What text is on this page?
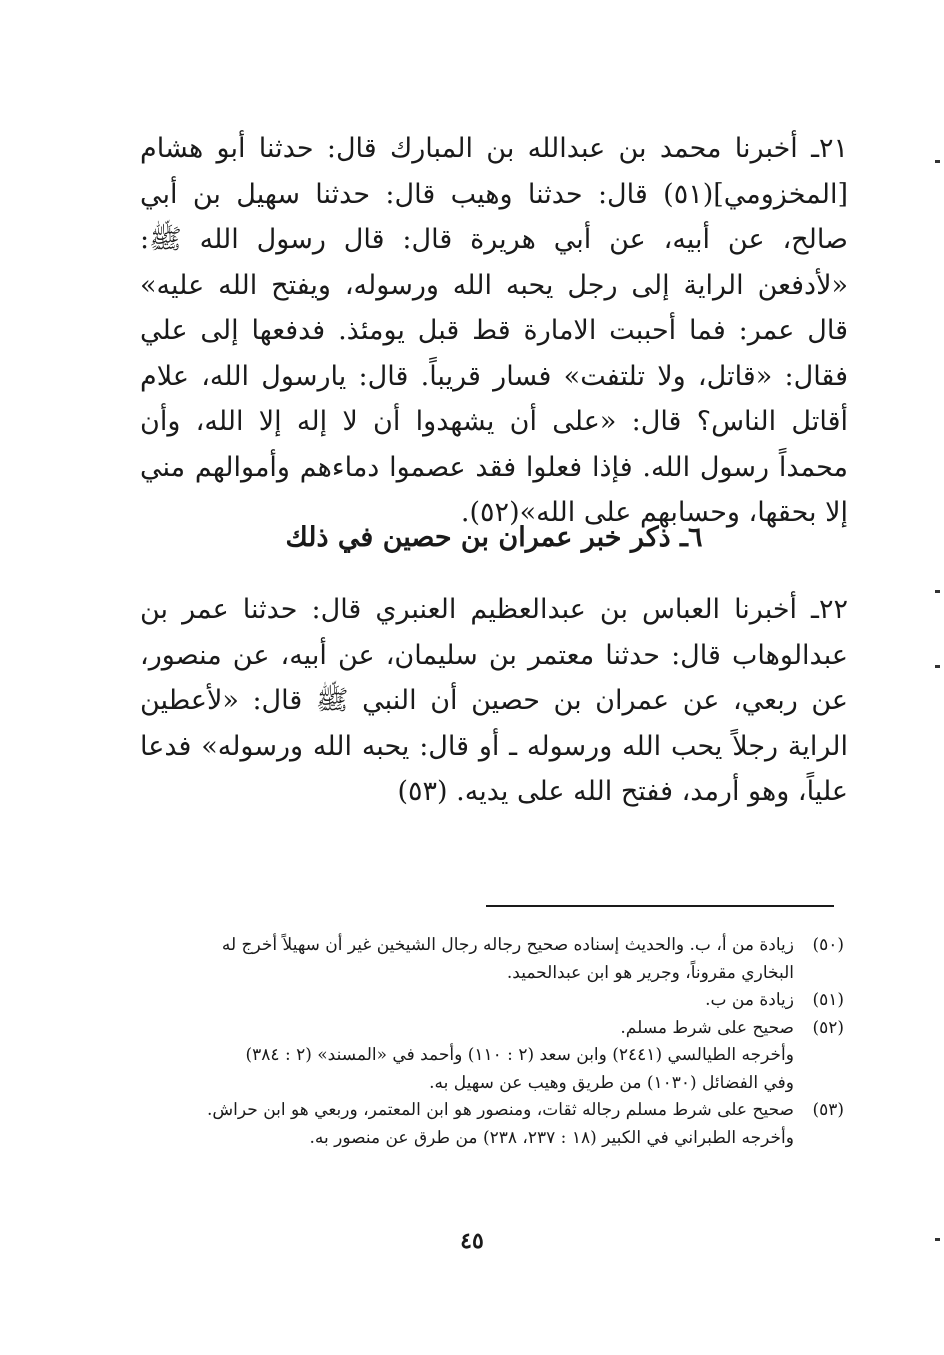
٢١ـ أخبرنا محمد بن عبدالله بن المبارك قال: حدثنا أبو هشام [المخزومي](٥١) قال: حدثنا وهيب قال: حدثنا سهيل بن أبي صالح، عن أبيه، عن أبي هريرة قال: قال رسول الله ﷺ: «لأدفعن الراية إلى رجل يحبه الله ورسوله، ويفتح الله عليه» قال عمر: فما أحببت الامارة قط قبل يومئذ. فدفعها إلى علي فقال: «قاتل، ولا تلتفت» فسار قريباً. قال: يارسول الله، علام أقاتل الناس؟ قال: «على أن يشهدوا أن لا إله إلا الله، وأن محمداً رسول الله. فإذا فعلوا فقد عصموا دماءهم وأموالهم مني إلا بحقها، وحسابهم على الله»(٥٢).

٦ـ ذكر خبر عمران بن حصين في ذلك

٢٢ـ أخبرنا العباس بن عبدالعظيم العنبري قال: حدثنا عمر بن عبدالوهاب قال: حدثنا معتمر بن سليمان، عن أبيه، عن منصور، عن ربعي، عن عمران بن حصين أن النبي ﷺ قال: «لأعطين الراية رجلاً يحب الله ورسوله ـ أو قال: يحبه الله ورسوله» فدعا علياً، وهو أرمد، ففتح الله على يديه. (٥٣)

(٥٠)
زيادة من أ، ب. والحديث إسناده صحيح رجاله رجال الشيخين غير أن سهيلاً أخرج له
البخاري مقروناً، وجرير هو ابن عبدالحميد.
(٥١)
زيادة من ب.
(٥٢)
صحيح على شرط مسلم.
وأخرجه الطيالسي (٢٤٤١) وابن سعد (٢ : ١١٠) وأحمد في «المسند» (٢ : ٣٨٤)
وفي الفضائل (١٠٣٠) من طريق وهيب عن سهيل به.
(٥٣)
صحيح على شرط مسلم رجاله ثقات، ومنصور هو ابن المعتمر، وربعي هو ابن حراش.
وأخرجه الطبراني في الكبير (١٨ : ٢٣٧، ٢٣٨) من طرق عن منصور به.
٤٥
